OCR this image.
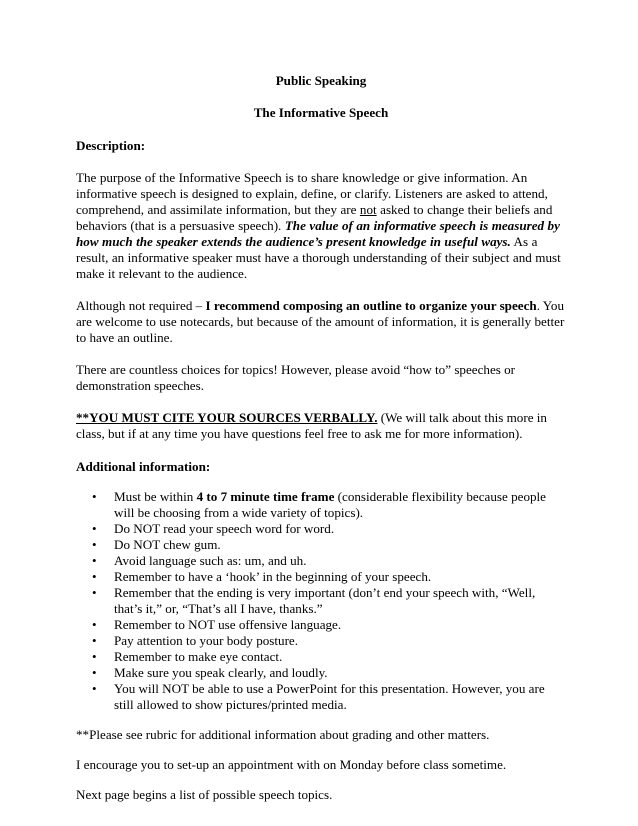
Public Speaking

The Informative Speech

Description:

The purpose of the Informative Speech is to share knowledge or give information. An informative speech is designed to explain, define, or clarify. Listeners are asked to attend, comprehend, and assimilate information, but they are not asked to change their beliefs and behaviors (that is a persuasive speech). The value of an informative speech is measured by how much the speaker extends the audience’s present knowledge in useful ways. As a result, an informative speaker must have a thorough understanding of their subject and must make it relevant to the audience.

Although not required – I recommend composing an outline to organize your speech. You are welcome to use notecards, but because of the amount of information, it is generally better to have an outline.

There are countless choices for topics! However, please avoid “how to” speeches or demonstration speeches.

**YOU MUST CITE YOUR SOURCES VERBALLY. (We will talk about this more in class, but if at any time you have questions feel free to ask me for more information).

Additional information:

• Must be within 4 to 7 minute time frame (considerable flexibility because people will be choosing from a wide variety of topics).
• Do NOT read your speech word for word.
• Do NOT chew gum.
• Avoid language such as: um, and uh.
• Remember to have a ‘hook’ in the beginning of your speech.
• Remember that the ending is very important (don’t end your speech with, “Well, that’s it,” or, “That’s all I have, thanks.”
• Remember to NOT use offensive language.
• Pay attention to your body posture.
• Remember to make eye contact.
• Make sure you speak clearly, and loudly.
• You will NOT be able to use a PowerPoint for this presentation. However, you are still allowed to show pictures/printed media.

**Please see rubric for additional information about grading and other matters.

I encourage you to set-up an appointment with on Monday before class sometime.

Next page begins a list of possible speech topics.
